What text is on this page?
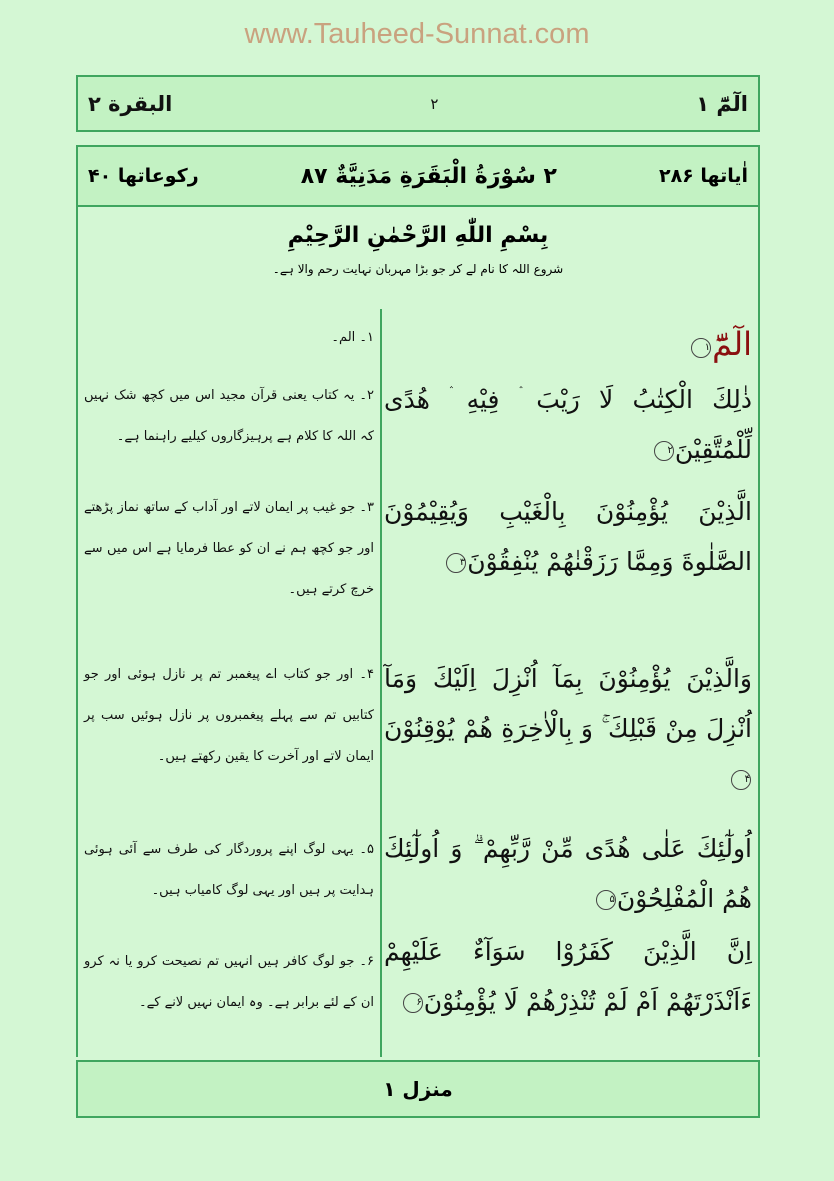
www.Tauheed-Sunnat.com
الٓمّٓ ۱
۲
البقرة ۲
اٰیاتها ۲۸۶
۲ سُوْرَةُ الْبَقَرَةِ مَدَنِيَّةٌ ۸۷
رکوعاتها ۴۰
بِسْمِ اللّٰهِ الرَّحْمٰنِ الرَّحِيْمِ
شروع اللہ کا نام لے کر جو بڑا مہربان نہایت رحم والا ہے۔
الٓمّٓ۱
۱۔ الم۔
ذٰلِكَ الْكِتٰبُ لَا رَيْبَ ۛ فِيْهِ ۛ هُدًى لِّلْمُتَّقِيْنَ۲
۲۔ یہ کتاب یعنی قرآن مجید اس میں کچھ شک نہیں کہ اللہ کا کلام ہے پرہیزگاروں کیلیے راہنما ہے۔
الَّذِيْنَ يُؤْمِنُوْنَ بِالْغَيْبِ وَيُقِيْمُوْنَ الصَّلٰوةَ وَمِمَّا رَزَقْنٰهُمْ يُنْفِقُوْنَ۳
۳۔ جو غیب پر ایمان لاتے اور آداب کے ساتھ نماز پڑھتے اور جو کچھ ہم نے ان کو عطا فرمایا ہے اس میں سے خرچ کرتے ہیں۔
وَالَّذِيْنَ يُؤْمِنُوْنَ بِمَآ اُنْزِلَ اِلَيْكَ وَمَآ اُنْزِلَ مِنْ قَبْلِكَ ۚ وَ بِالْاٰخِرَةِ هُمْ يُوْقِنُوْنَ۴
۴۔ اور جو کتاب اے پیغمبر تم پر نازل ہوئی اور جو کتابیں تم سے پہلے پیغمبروں پر نازل ہوئیں سب پر ایمان لاتے اور آخرت کا یقین رکھتے ہیں۔
اُولٰٓئِكَ عَلٰى هُدًى مِّنْ رَّبِّهِمْ ۗ وَ اُولٰٓئِكَ هُمُ الْمُفْلِحُوْنَ۵
۵۔ یہی لوگ اپنے پروردگار کی طرف سے آئی ہوئی ہدایت پر ہیں اور یہی لوگ کامیاب ہیں۔
اِنَّ الَّذِيْنَ كَفَرُوْا سَوَآءٌ عَلَيْهِمْ ءَاَنْذَرْتَهُمْ اَمْ لَمْ تُنْذِرْهُمْ لَا يُؤْمِنُوْنَ۶
۶۔ جو لوگ کافر ہیں انہیں تم نصیحت کرو یا نہ کرو ان کے لئے برابر ہے۔ وہ ایمان نہیں لانے کے۔
منزل ۱
